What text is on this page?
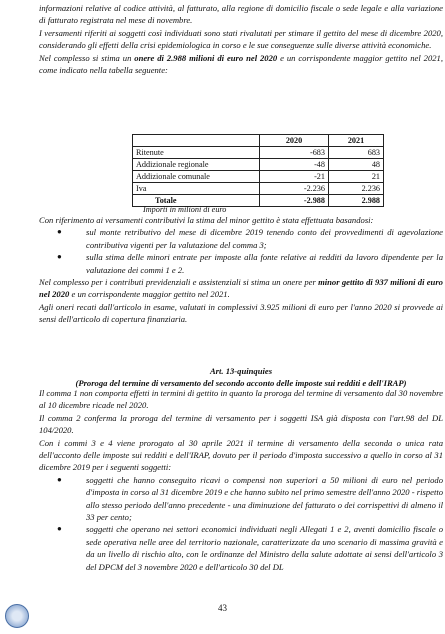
informazioni relative al codice attività, al fatturato, alla regione di domicilio fiscale o sede legale e alla variazione di fatturato registrata nel mese di novembre.

I versamenti riferiti ai soggetti così individuati sono stati rivalutati per stimare il gettito del mese di dicembre 2020, considerando gli effetti della crisi epidemiologica in corso e le sue conseguenze sulle diverse attività economiche.

Nel complesso si stima un onere di 2.988 milioni di euro nel 2020 e un corrispondente maggior gettito nel 2021, come indicato nella tabella seguente:

	2020	2021
Ritenute	-683	683
Addizionale regionale	-48	48
Addizionale comunale	-21	21
Iva	-2.236	2.236
Totale	-2.988	2.988
Importi in milioni di euro

Con riferimento ai versamenti contributivi la stima del minor gettito è stata effettuata basandosi:

●	sul monte retributivo del mese di dicembre 2019 tenendo conto dei provvedimenti di agevolazione contributiva vigenti per la valutazione del comma 3;
●	sulla stima delle minori entrate per imposte alla fonte relative ai redditi da lavoro dipendente per la valutazione dei commi 1 e 2.

Nel complesso per i contributi previdenziali e assistenziali si stima un onere per minor gettito di 937 milioni di euro nel 2020 e un corrispondente maggior gettito nel 2021.

Agli oneri recati dall'articolo in esame, valutati in complessivi 3.925 milioni di euro per l'anno 2020 si provvede ai sensi dell'articolo di copertura finanziaria.

Art. 13-quinquies
(Proroga del termine di versamento del secondo acconto delle imposte sui redditi e dell'IRAP)

Il comma 1 non comporta effetti in termini di gettito in quanto la proroga del termine di versamento dal 30 novembre al 10 dicembre ricade nel 2020.

Il comma 2 conferma la proroga del termine di versamento per i soggetti ISA già disposta con l'art.98 del DL 104/2020.

Con i commi 3 e 4 viene prorogato al 30 aprile 2021 il termine di versamento della seconda o unica rata dell'acconto delle imposte sui redditi e dell'IRAP, dovuto per il periodo d'imposta successivo a quello in corso al 31 dicembre 2019 per i seguenti soggetti:

●	soggetti che hanno conseguito ricavi o compensi non superiori a 50 milioni di euro nel periodo d'imposta in corso al 31 dicembre 2019 e che hanno subito nel primo semestre dell'anno 2020 - rispetto allo stesso periodo dell'anno precedente - una diminuzione del fatturato o dei corrispettivi di almeno il 33 per cento;
●	soggetti che operano nei settori economici individuati negli Allegati 1 e 2, aventi domicilio fiscale o sede operativa nelle aree del territorio nazionale, caratterizzate da uno scenario di massima gravità e da un livello di rischio alto, con le ordinanze del Ministro della salute adottate ai sensi dell'articolo 3 del DPCM del 3 novembre 2020 e dell'articolo 30 del DL
43
